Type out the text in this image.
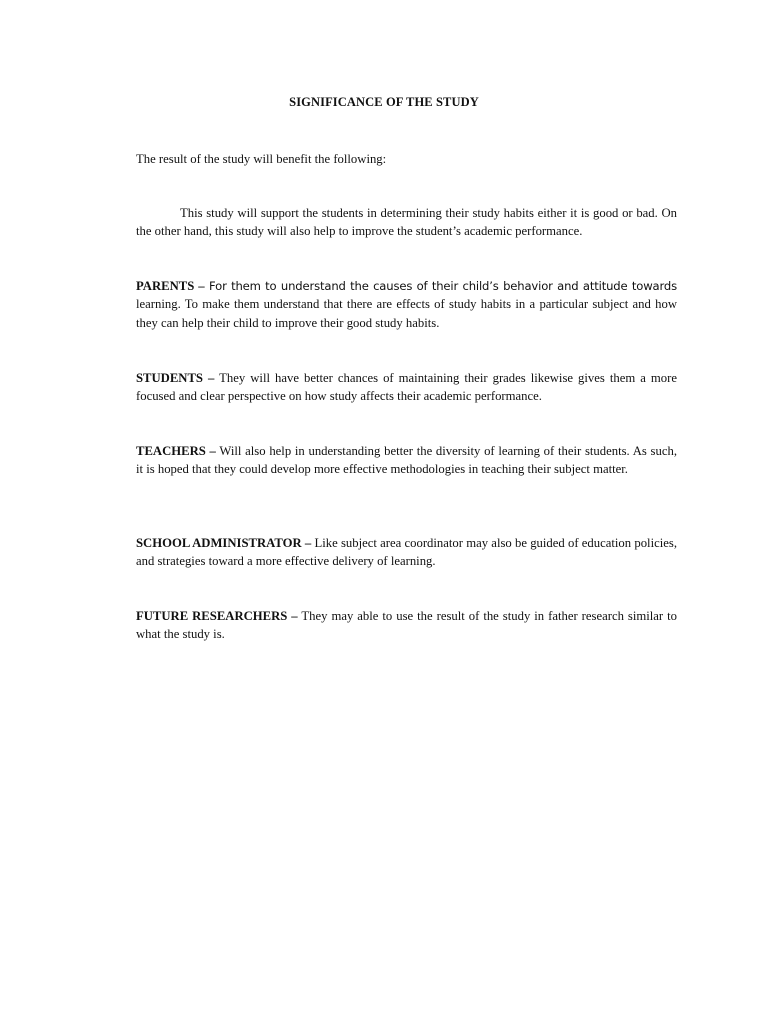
SIGNIFICANCE OF THE STUDY

The result of the study will benefit the following:

This study will support the students in determining their study habits either it is good or bad. On the other hand, this study will also help to improve the student’s academic performance.

PARENTS – For them to understand the causes of their child’s behavior and attitude towards learning. To make them understand that there are effects of study habits in a particular subject and how they can help their child to improve their good study habits.

STUDENTS – They will have better chances of maintaining their grades likewise gives them a more focused and clear perspective on how study affects their academic performance.

TEACHERS – Will also help in understanding better the diversity of learning of their students. As such, it is hoped that they could develop more effective methodologies in teaching their subject matter.

SCHOOL ADMINISTRATOR – Like subject area coordinator may also be guided of education policies, and strategies toward a more effective delivery of learning.

FUTURE RESEARCHERS – They may able to use the result of the study in father research similar to what the study is.
